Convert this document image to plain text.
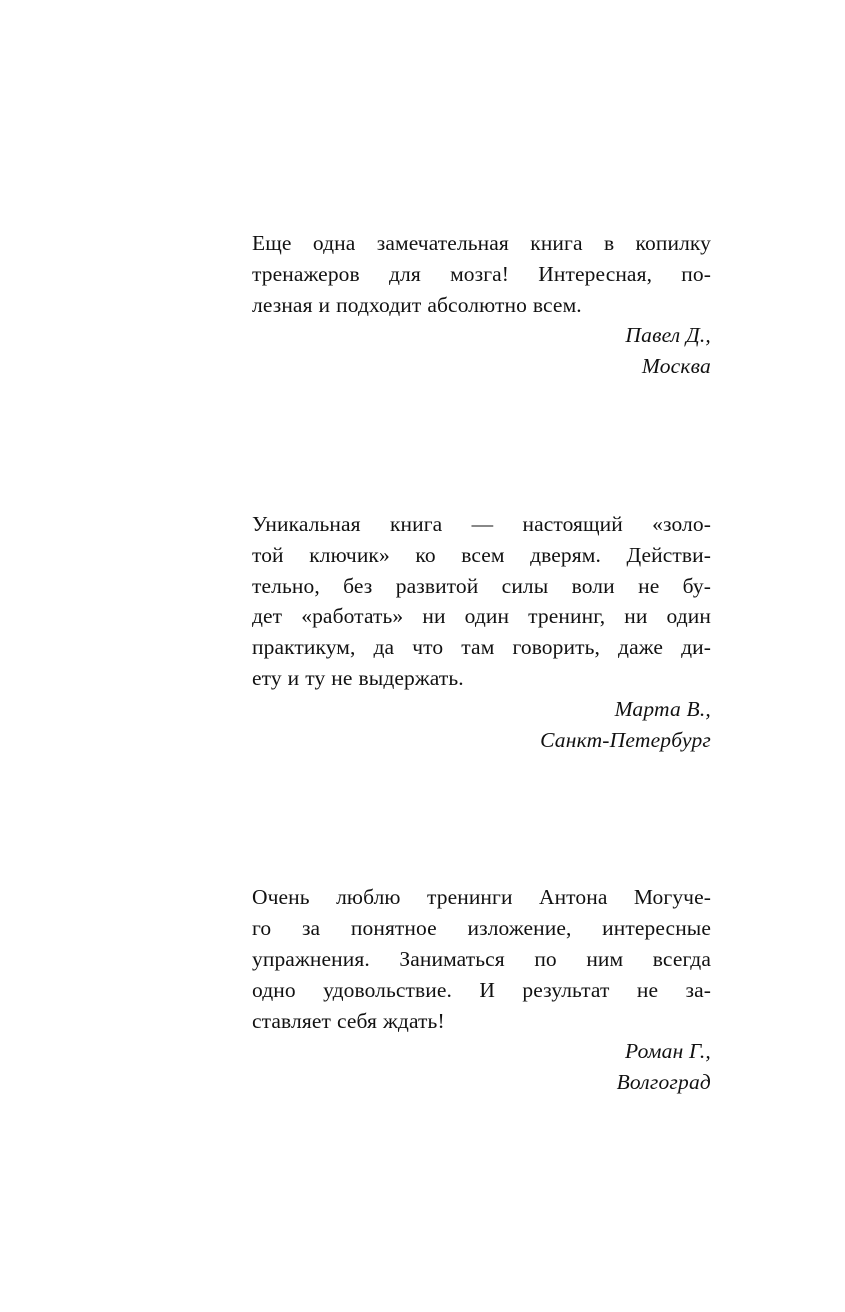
Еще одна замечательная книга в копилку
тренажеров для мозга! Интересная, по-
лезная и подходит абсолютно всем.

Павел Д.,
Москва

Уникальная книга — настоящий «золо-
той ключик» ко всем дверям. Действи-
тельно, без развитой силы воли не бу-
дет «работать» ни один тренинг, ни один
практикум, да что там говорить, даже ди-
ету и ту не выдержать.

Марта В.,
Санкт-Петербург

Очень люблю тренинги Антона Могуче-
го за понятное изложение, интересные
упражнения. Заниматься по ним всегда
одно удовольствие. И результат не за-
ставляет себя ждать!

Роман Г.,
Волгоград
